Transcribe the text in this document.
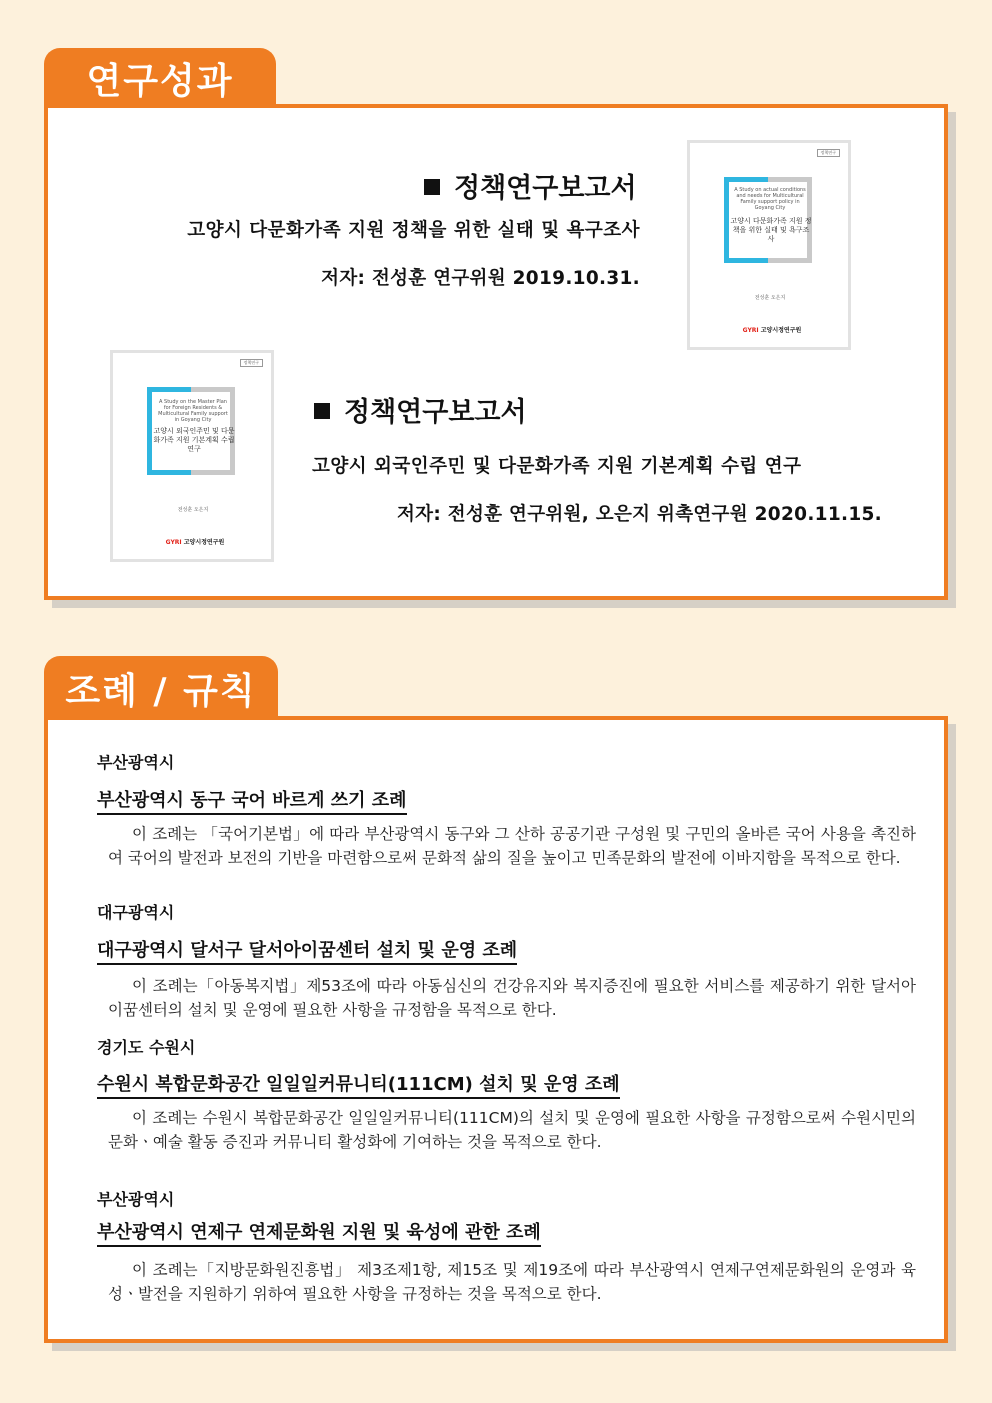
연구성과
정책연구
A Study on actual conditions and needs for Multicultural Family support policy in Goyang City
고양시 다문화가족 지원 정책을 위한 실태 및 욕구조사
전성훈 오은지
GYRI 고양시정연구원
정책연구보고서
고양시 다문화가족 지원 정책을 위한 실태 및 욕구조사
저자: 전성훈 연구위원 2019.10.31.
정책연구
A Study on the Master Plan for Foreign Residents & Multicultural Family support in Goyang City
고양시 외국인주민 및 다문화가족 지원 기본계획 수립 연구
전성훈 오은지
GYRI 고양시정연구원
정책연구보고서
고양시 외국인주민 및 다문화가족 지원 기본계획 수립 연구
저자: 전성훈 연구위원, 오은지 위촉연구원 2020.11.15.
조례 / 규칙
부산광역시
부산광역시 동구 국어 바르게 쓰기 조례
이 조례는 「국어기본법」에 따라 부산광역시 동구와 그 산하 공공기관 구성원 및 구민의 올바른 국어 사용을 촉진하여 국어의 발전과 보전의 기반을 마련함으로써 문화적 삶의 질을 높이고 민족문화의 발전에 이바지함을 목적으로 한다.
대구광역시
대구광역시 달서구 달서아이꿈센터 설치 및 운영 조례
이 조례는「아동복지법」제53조에 따라 아동심신의 건강유지와 복지증진에 필요한 서비스를 제공하기 위한 달서아이꿈센터의 설치 및 운영에 필요한 사항을 규정함을 목적으로 한다.
경기도 수원시
수원시 복합문화공간 일일일커뮤니티(111CM) 설치 및 운영 조례
이 조례는 수원시 복합문화공간 일일일커뮤니티(111CM)의 설치 및 운영에 필요한 사항을 규정함으로써 수원시민의 문화ㆍ예술 활동 증진과 커뮤니티 활성화에 기여하는 것을 목적으로 한다.
부산광역시
부산광역시 연제구 연제문화원 지원 및 육성에 관한 조례
이 조례는「지방문화원진흥법」 제3조제1항, 제15조 및 제19조에 따라 부산광역시 연제구연제문화원의 운영과 육성ㆍ발전을 지원하기 위하여 필요한 사항을 규정하는 것을 목적으로 한다.
